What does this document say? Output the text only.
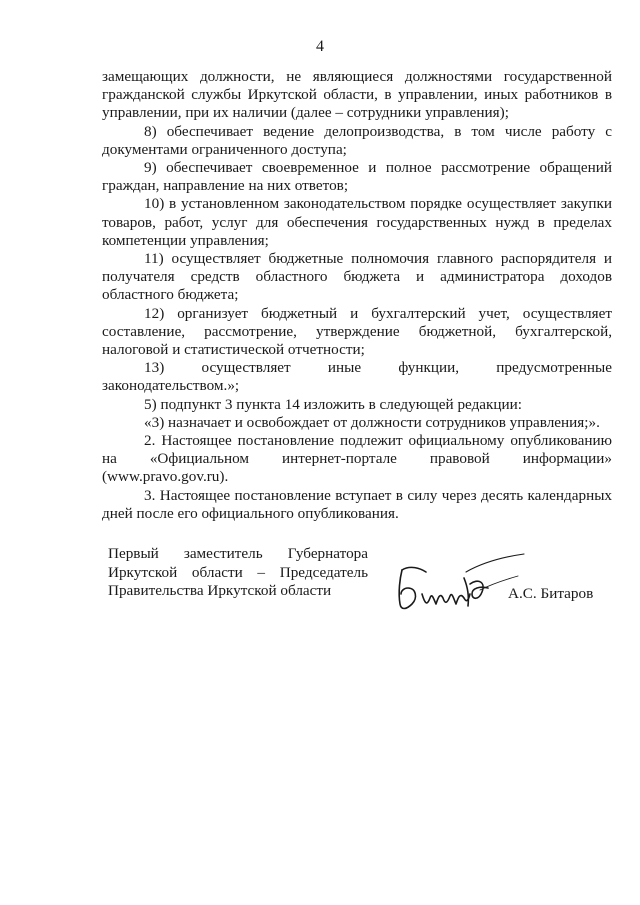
4

замещающих должности, не являющиеся должностями государственной гражданской службы Иркутской области, в управлении, иных работников в управлении, при их наличии (далее – сотрудники управления);

8) обеспечивает ведение делопроизводства, в том числе работу с документами ограниченного доступа;

9) обеспечивает своевременное и полное рассмотрение обращений граждан, направление на них ответов;

10) в установленном законодательством порядке осуществляет закупки товаров, работ, услуг для обеспечения государственных нужд в пределах компетенции управления;

11) осуществляет бюджетные полномочия главного распорядителя и получателя средств областного бюджета и администратора доходов областного бюджета;

12) организует бюджетный и бухгалтерский учет, осуществляет составление, рассмотрение, утверждение бюджетной, бухгалтерской, налоговой и статистической отчетности;

13) осуществляет иные функции, предусмотренные законодательством.»;

5) подпункт 3 пункта 14 изложить в следующей редакции:

«3) назначает и освобождает от должности сотрудников управления;».

2. Настоящее постановление подлежит официальному опубликованию на «Официальном интернет-портале правовой информации» (www.pravo.gov.ru).

3. Настоящее постановление вступает в силу через десять календарных дней после его официального опубликования.

Первый заместитель Губернатора
Иркутской области – Председатель
Правительства Иркутской области	А.С. Битаров
